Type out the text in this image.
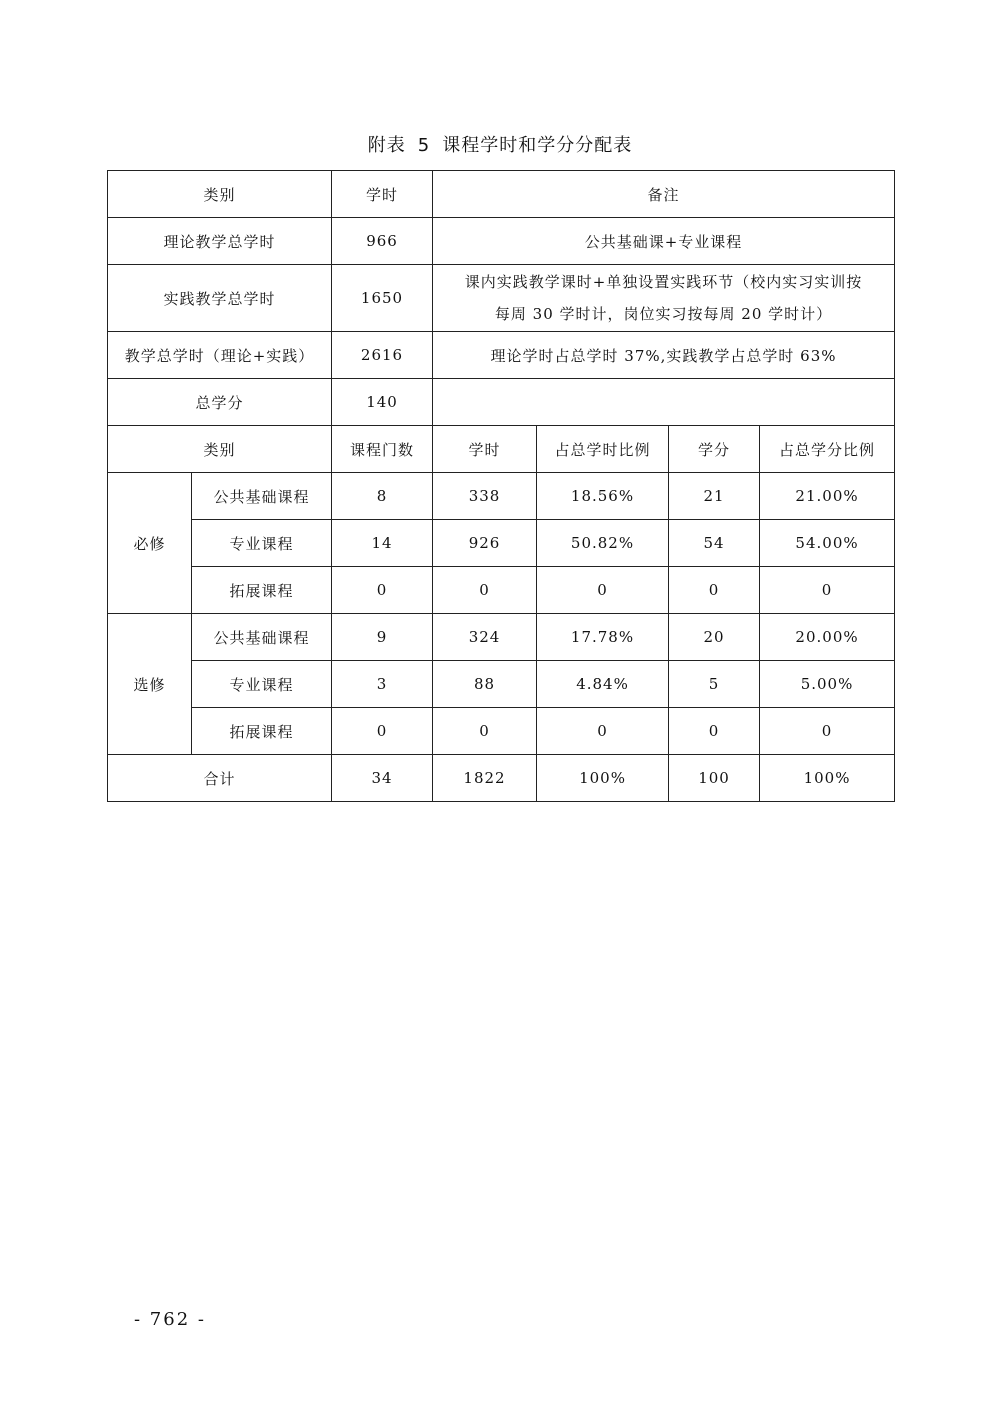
附表 5 课程学时和学分分配表
类别		学时	备注			
理论教学总学时		966	公共基础课+专业课程			
实践教学总学时		1650	课内实践教学课时+单独设置实践环节（校内实习实训按
每周 30 学时计，岗位实习按每周 20 学时计）			

教学总学时（理论+实践）		2616	理论学时占总学时 37%,实践教学占总学时 63%			
总学分		140				
类别		课程门数	学时	占总学时比例	学分	占总学分比例
必修	公共基础课程	8	338	18.56%	21	21.00%
	专业课程	14	926	50.82%	54	54.00%
	拓展课程	0	0	0	0	0
选修	公共基础课程	9	324	17.78%	20	20.00%
	专业课程	3	88	4.84%	5	5.00%
	拓展课程	0	0	0	0	0
合计		34	1822	100%	100	100%
- 762 -
